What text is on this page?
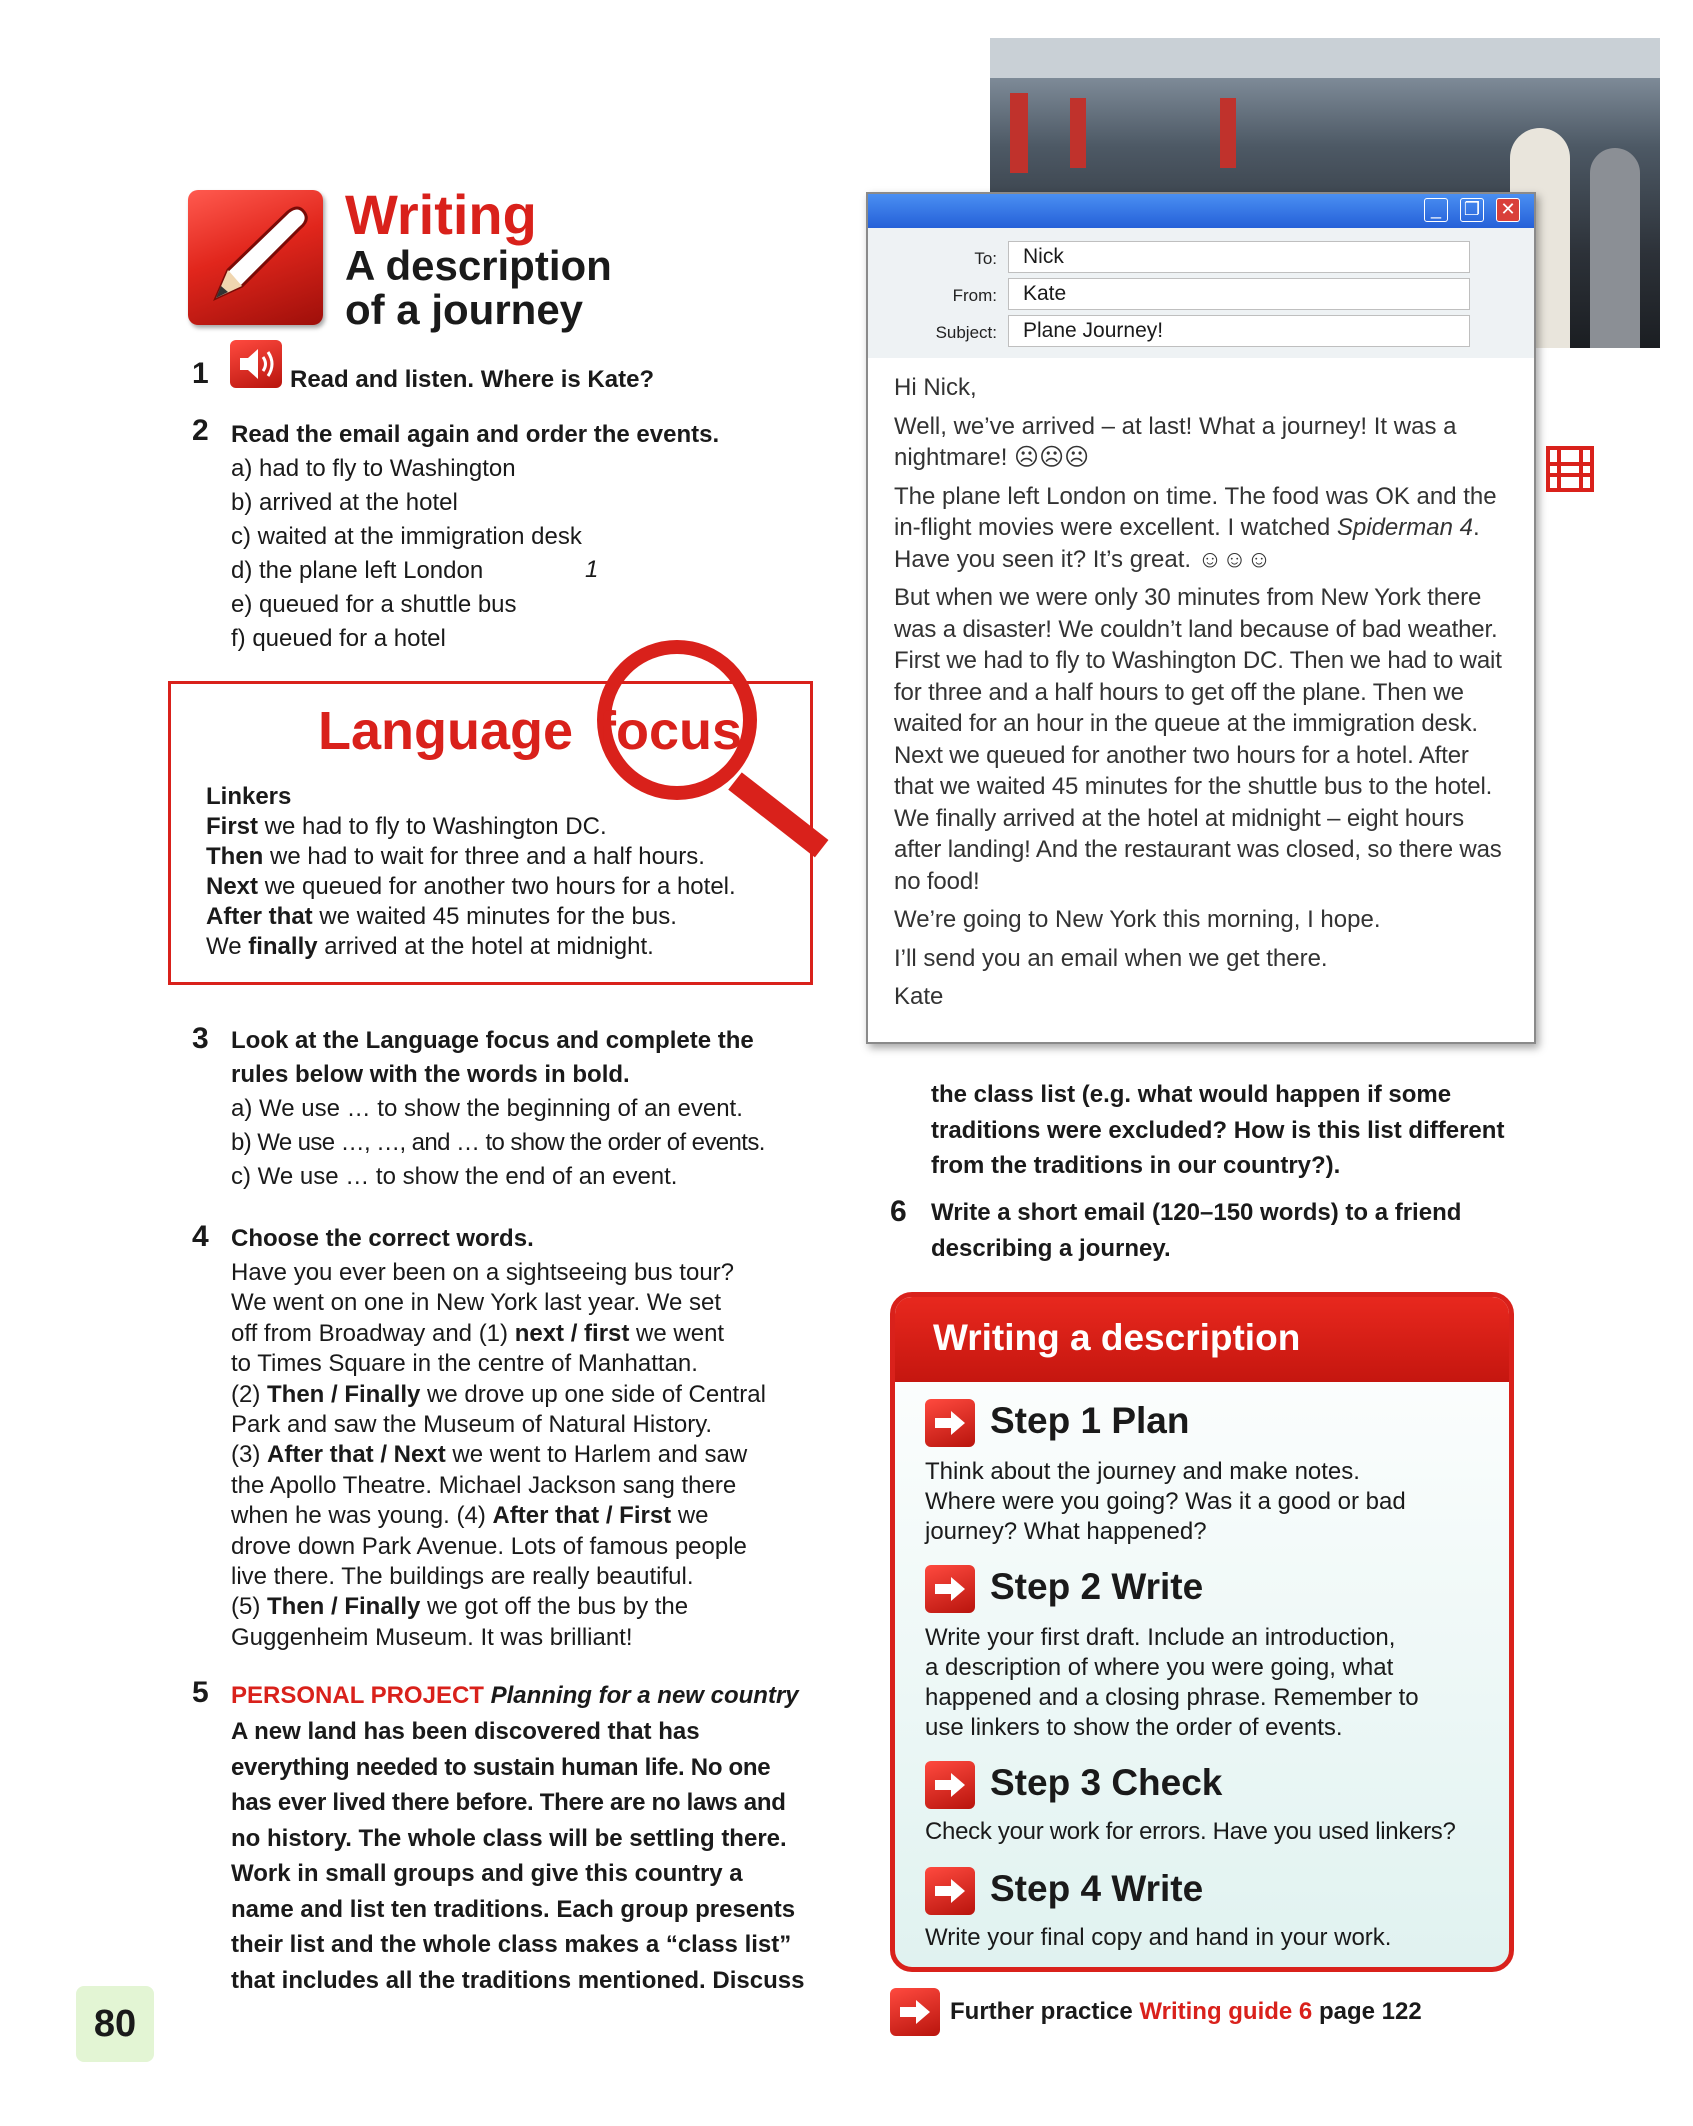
Writing
A description
of a journey
1	Read and listen. Where is Kate?
2 Read the email again and order the events.
a) had to fly to Washington
b) arrived at the hotel
c) waited at the immigration desk
d) the plane left London
e) queued for a shuttle bus
f) queued for a hotel
1
Language focus
Linkers
First we had to fly to Washington DC.
Then we had to wait for three and a half hours.
Next we queued for another two hours for a hotel.
After that we waited 45 minutes for the bus.
We finally arrived at the hotel at midnight.
3 Look at the Language focus and complete the
rules below with the words in bold.
a) We use … to show the beginning of an event.
b) We use …, …, and … to show the order of events.
c) We use … to show the end of an event.
4 Choose the correct words.
Have you ever been on a sightseeing bus tour?
We went on one in New York last year. We set
off from Broadway and (1) next / first we went
to Times Square in the centre of Manhattan.
(2) Then / Finally we drove up one side of Central
Park and saw the Museum of Natural History.
(3) After that / Next we went to Harlem and saw
the Apollo Theatre. Michael Jackson sang there
when he was young. (4) After that / First we
drove down Park Avenue. Lots of famous people
live there. The buildings are really beautiful.
(5) Then / Finally we got off the bus by the
Guggenheim Museum. It was brilliant!
5 PERSONAL PROJECT Planning for a new country
A new land has been discovered that has
everything needed to sustain human life. No one
has ever lived there before. There are no laws and
no history. The whole class will be settling there.
Work in small groups and give this country a
name and list ten traditions. Each group presents
their list and the whole class makes a “class list”
that includes all the traditions mentioned. Discuss
_	❐ ✕
To:	Nick
From:	Kate
Subject:	Plane Journey!

Hi Nick,

Well, we’ve arrived – at last! What a journey! It was a nightmare! ☹☹☹

The plane left London on time. The food was OK and the in-flight movies were excellent. I watched Spiderman 4. Have you seen it? It’s great. ☺☺☺

But when we were only 30 minutes from New York there was a disaster! We couldn’t land because of bad weather. First we had to fly to Washington DC. Then we had to wait for three and a half hours to get off the plane. Then we waited for an hour in the queue at the immigration desk. Next we queued for another two hours for a hotel. After that we waited 45 minutes for the shuttle bus to the hotel. We finally arrived at the hotel at midnight – eight hours after landing! And the restaurant was closed, so there was no food!

We’re going to New York this morning, I hope.

I’ll send you an email when we get there.

Kate

the class list (e.g. what would happen if some
traditions were excluded? How is this list different
from the traditions in our country?).
6 Write a short email (120–150 words) to a friend
describing a journey.
Writing a description
Step 1 Plan
Think about the journey and make notes.
Where were you going? Was it a good or bad
journey? What happened?
Step 2 Write
Write your first draft. Include an introduction,
a description of where you were going, what
happened and a closing phrase. Remember to
use linkers to show the order of events.
Step 3 Check
Check your work for errors. Have you used linkers?
Step 4 Write
Write your final copy and hand in your work.
Further practice Writing guide 6 page 122
80
